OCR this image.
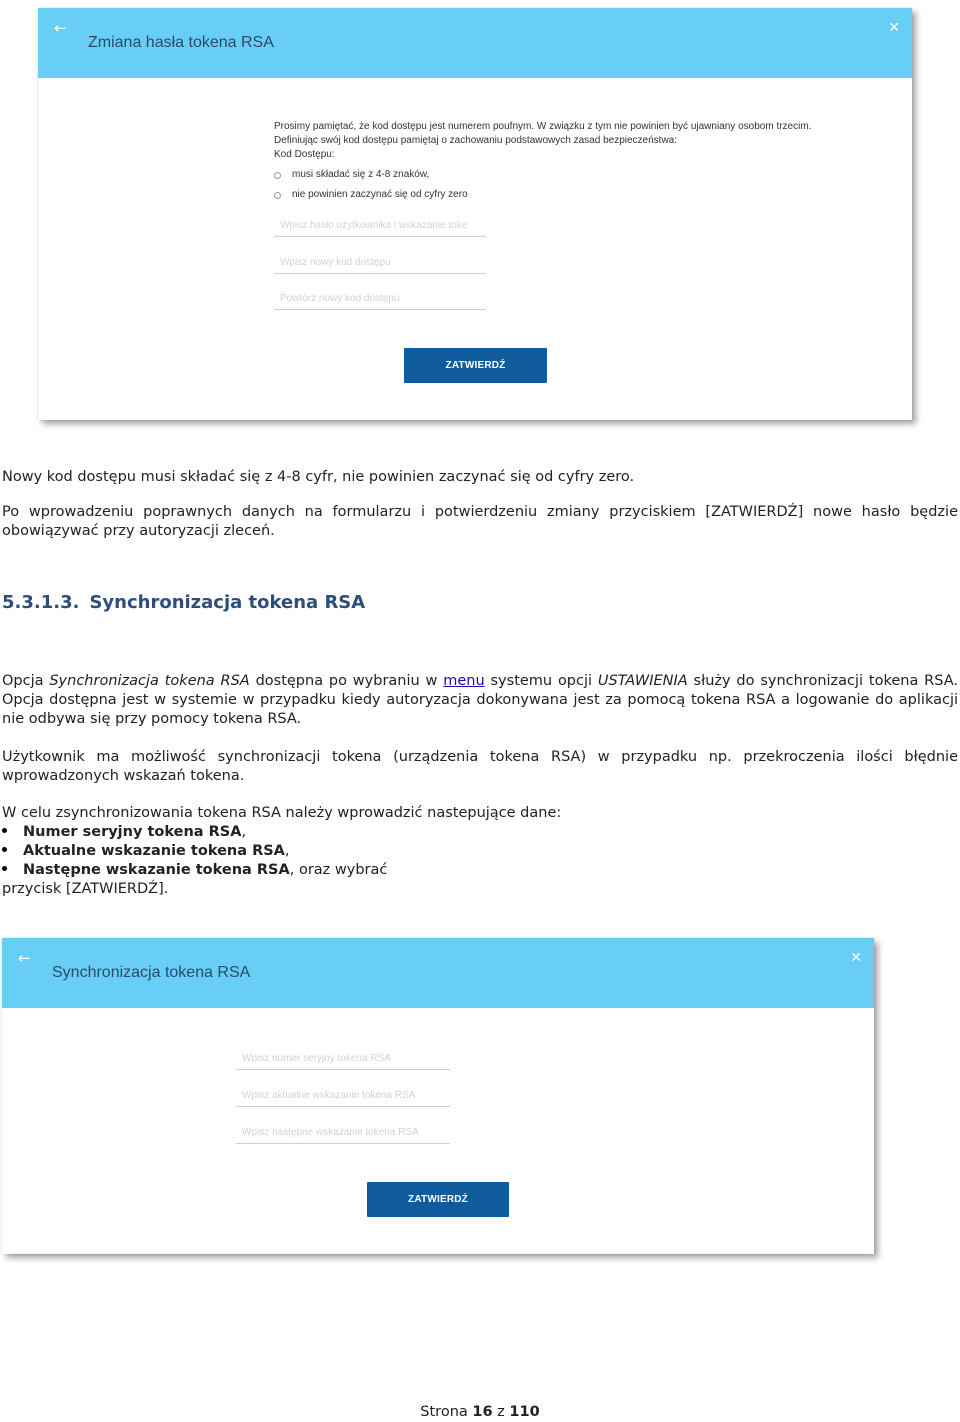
←
Zmiana hasła tokena RSA
✕

Prosimy pamiętać, że kod dostępu jest numerem poufnym. W związku z tym nie powinien być ujawniany osobom trzecim.

Definiując swój kod dostępu pamiętaj o zachowaniu podstawowych zasad bezpieczeństwa:

Kod Dostępu:

musi składać się z 4-8 znaków,
nie powinien zaczynać się od cyfry zero
ZATWIERDŹ

Nowy kod dostępu musi składać się z 4-8 cyfr, nie powinien zaczynać się od cyfry zero.

Po wprowadzeniu poprawnych danych na formularzu i potwierdzeniu zmiany przyciskiem [ZATWIERDŹ] nowe hasło będzie obowiązywać przy autoryzacji zleceń.

5.3.1.3. Synchronizacja tokena RSA

Opcja Synchronizacja tokena RSA dostępna po wybraniu w menu systemu opcji USTAWIENIA służy do synchronizacji tokena RSA. Opcja dostępna jest w systemie w przypadku kiedy autoryzacja dokonywana jest za pomocą tokena RSA a logowanie do aplikacji nie odbywa się przy pomocy tokena RSA.

Użytkownik ma możliwość synchronizacji tokena (urządzenia tokena RSA) w przypadku np. przekroczenia ilości błędnie wprowadzonych wskazań tokena.

W celu zsynchronizowania tokena RSA należy wprowadzić nastepujące dane:

Numer seryjny tokena RSA,
Aktualne wskazanie tokena RSA,
Następne wskazanie tokena RSA, oraz wybrać

przycisk [ZATWIERDŹ].

←
Synchronizacja tokena RSA
✕
Wpisz numer seryjny tokena RSA
Wpisz aktualne wskazanie tokena RSA
Wpisz następne wskazanie tokena RSA
ZATWIERDŹ
Strona 16 z 110
